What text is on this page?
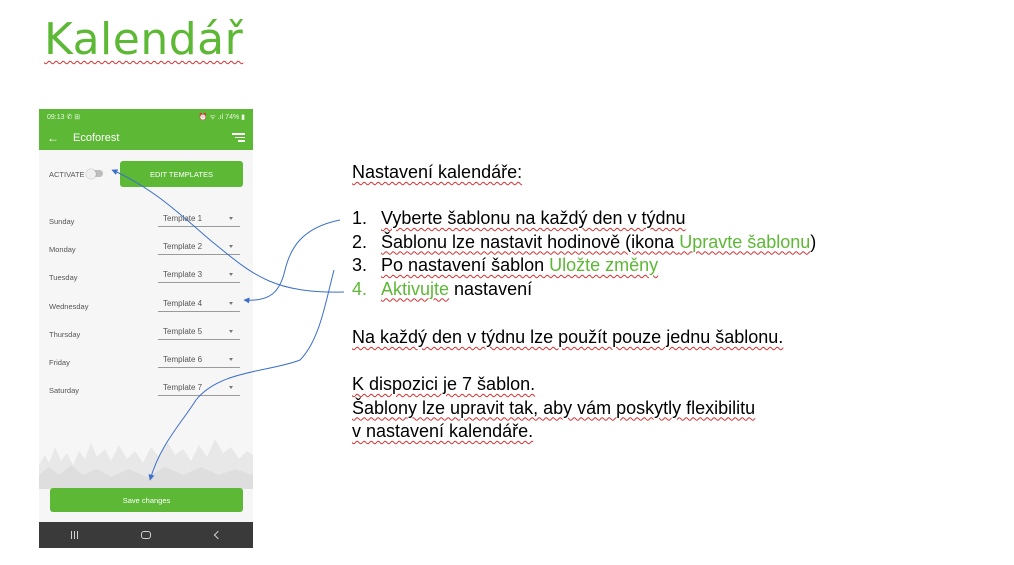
Kalendář
09:13 ✆ ⊞	⏰ ᯤ .ıl 74% ▮
← Ecoforest
ACTIVATE	EDIT TEMPLATES
Sunday	Template 1
Monday	Template 2
Tuesday	Template 3
Wednesday	Template 4
Thursday	Template 5
Friday	Template 6
Saturday	Template 7
Save changes
Nastavení kalendáře:
1. Vyberte šablonu na každý den v týdnu
2. Šablonu lze nastavit hodinově (ikona Upravte šablonu)
3. Po nastavení šablon Uložte změny
4. Aktivujte nastavení
Na každý den v týdnu lze použít pouze jednu šablonu.
K dispozici je 7 šablon.
Šablony lze upravit tak, aby vám poskytly flexibilitu
v nastavení kalendáře.
